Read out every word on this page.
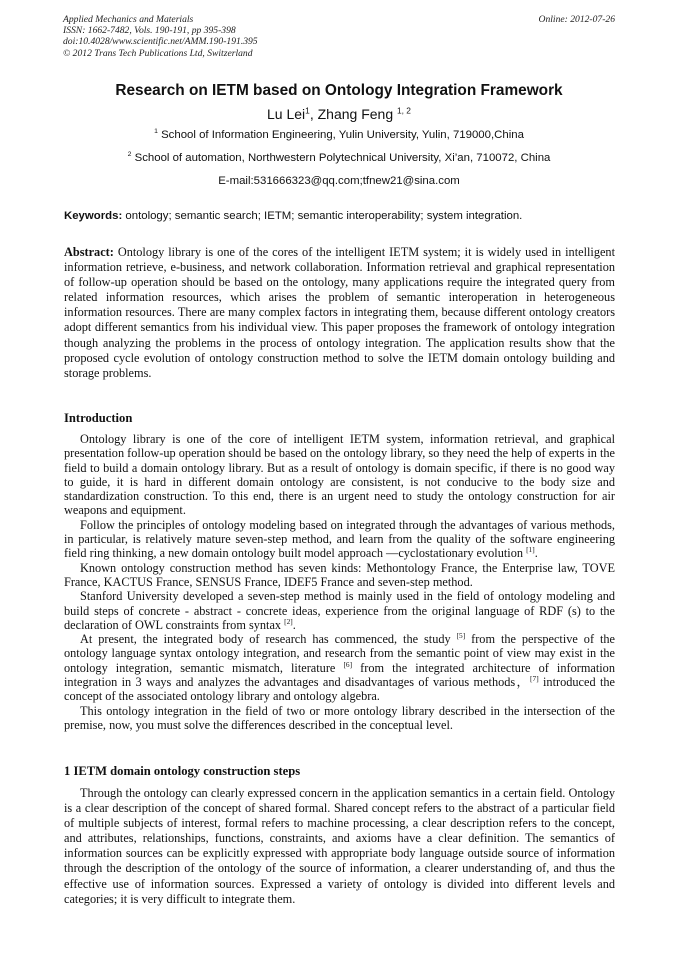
Applied Mechanics and Materials
ISSN: 1662-7482, Vols. 190-191, pp 395-398
doi:10.4028/www.scientific.net/AMM.190-191.395
© 2012 Trans Tech Publications Ltd, Switzerland
Online: 2012-07-26
Research on IETM based on Ontology Integration Framework
Lu Lei$^1$, Zhang Feng $^{1, 2}$
$^1$ School of Information Engineering, Yulin University, Yulin, 719000,China
$^2$ School of automation, Northwestern Polytechnical University, Xi’an, 710072, China
E-mail:531666323@qq.com;tfnew21@sina.com
Keywords: ontology; semantic search; IETM; semantic interoperability; system integration.
Abstract: Ontology library is one of the cores of the intelligent IETM system; it is widely used in intelligent information retrieve, e-business, and network collaboration. Information retrieval and graphical representation of follow-up operation should be based on the ontology, many applications require the integrated query from related information resources, which arises the problem of semantic interoperation in heterogeneous information resources. There are many complex factors in integrating them, because different ontology creators adopt different semantics from his individual view. This paper proposes the framework of ontology integration though analyzing the problems in the process of ontology integration. The application results show that the proposed cycle evolution of ontology construction method to solve the IETM domain ontology building and storage problems.
Introduction
Ontology library is one of the core of intelligent IETM system, information retrieval, and graphical presentation follow-up operation should be based on the ontology library, so they need the help of experts in the field to build a domain ontology library. But as a result of ontology is domain specific, if there is no good way to guide, it is hard in different domain ontology are consistent, is not conducive to the body size and standardization construction. To this end, there is an urgent need to study the ontology construction for air weapons and equipment.
Follow the principles of ontology modeling based on integrated through the advantages of various methods, in particular, is relatively mature seven-step method, and learn from the quality of the software engineering field ring thinking, a new domain ontology built model approach —cyclostationary evolution [1].
Known ontology construction method has seven kinds: Methontology France, the Enterprise law, TOVE France, KACTUS France, SENSUS France, IDEF5 France and seven-step method.
Stanford University developed a seven-step method is mainly used in the field of ontology modeling and build steps of concrete - abstract - concrete ideas, experience from the original language of RDF (s) to the declaration of OWL constraints from syntax [2].
At present, the integrated body of research has commenced, the study [5] from the perspective of the ontology language syntax ontology integration, and research from the semantic point of view may exist in the ontology integration, semantic mismatch, literature [6] from the integrated architecture of information integration in 3 ways and analyzes the advantages and disadvantages of various methods，[7] introduced the concept of the associated ontology library and ontology algebra.
This ontology integration in the field of two or more ontology library described in the intersection of the premise, now, you must solve the differences described in the conceptual level.
1 IETM domain ontology construction steps
Through the ontology can clearly expressed concern in the application semantics in a certain field. Ontology is a clear description of the concept of shared formal. Shared concept refers to the abstract of a particular field of multiple subjects of interest, formal refers to machine processing, a clear description refers to the concept, and attributes, relationships, functions, constraints, and axioms have a clear definition. The semantics of information sources can be explicitly expressed with appropriate body language outside source of information through the description of the ontology of the source of information, a clearer understanding of, and thus the effective use of information sources. Expressed a variety of ontology is divided into different levels and categories; it is very difficult to integrate them.
